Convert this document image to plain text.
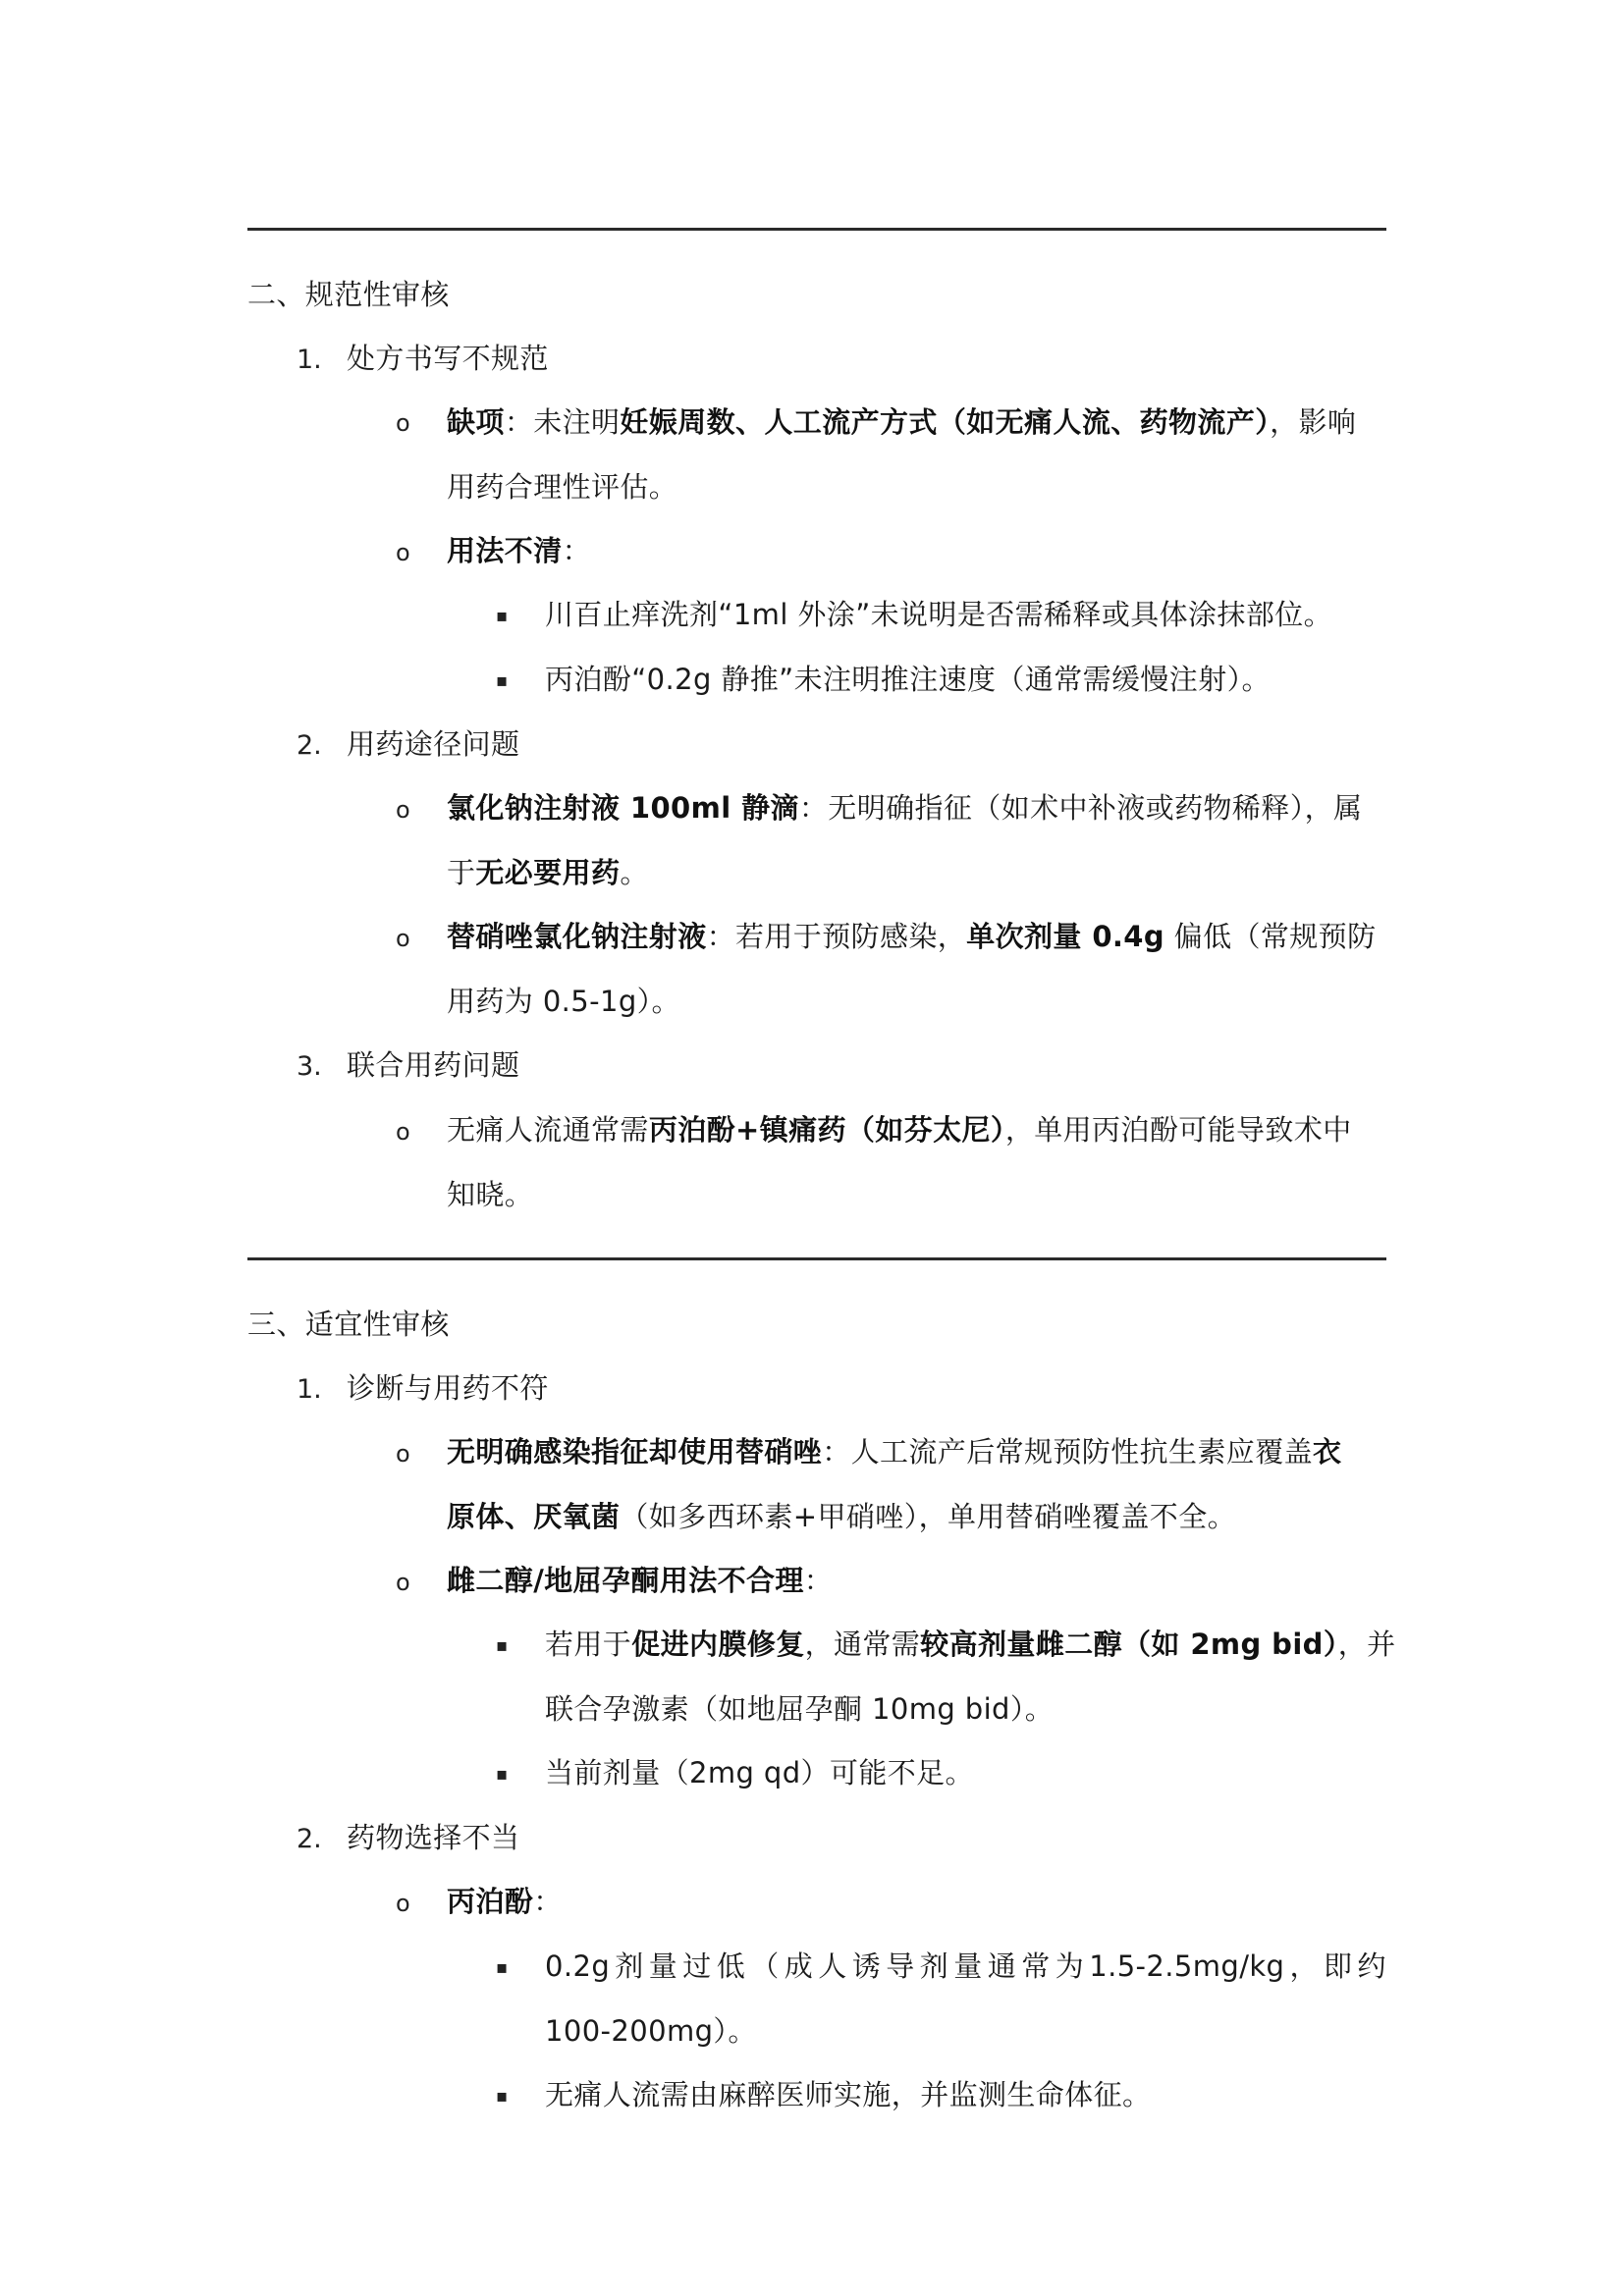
二、规范性审核
1. 处方书写不规范
o 缺项：未注明妊娠周数、人工流产方式（如无痛人流、药物流产），影响
用药合理性评估。
o 用法不清：
▪ 川百止痒洗剂“1ml 外涂”未说明是否需稀释或具体涂抹部位。
▪ 丙泊酚“0.2g 静推”未注明推注速度（通常需缓慢注射）。
2. 用药途径问题
o 氯化钠注射液 100ml 静滴：无明确指征（如术中补液或药物稀释），属
于无必要用药。
o 替硝唑氯化钠注射液：若用于预防感染，单次剂量 0.4g 偏低（常规预防
用药为 0.5-1g）。
3. 联合用药问题
o 无痛人流通常需丙泊酚+镇痛药（如芬太尼），单用丙泊酚可能导致术中
知晓。
三、适宜性审核
1. 诊断与用药不符
o 无明确感染指征却使用替硝唑：人工流产后常规预防性抗生素应覆盖衣
原体、厌氧菌（如多西环素+甲硝唑），单用替硝唑覆盖不全。
o 雌二醇/地屈孕酮用法不合理：
▪ 若用于促进内膜修复，通常需较高剂量雌二醇（如 2mg bid），并
联合孕激素（如地屈孕酮 10mg bid）。
▪ 当前剂量（2mg qd）可能不足。
2. 药物选择不当
o 丙泊酚：
▪ 0.2g 剂 量 过 低 （ 成 人 诱 导 剂 量 通 常 为 1.5-2.5mg/kg ， 即 约
100-200mg）。
▪ 无痛人流需由麻醉医师实施，并监测生命体征。
